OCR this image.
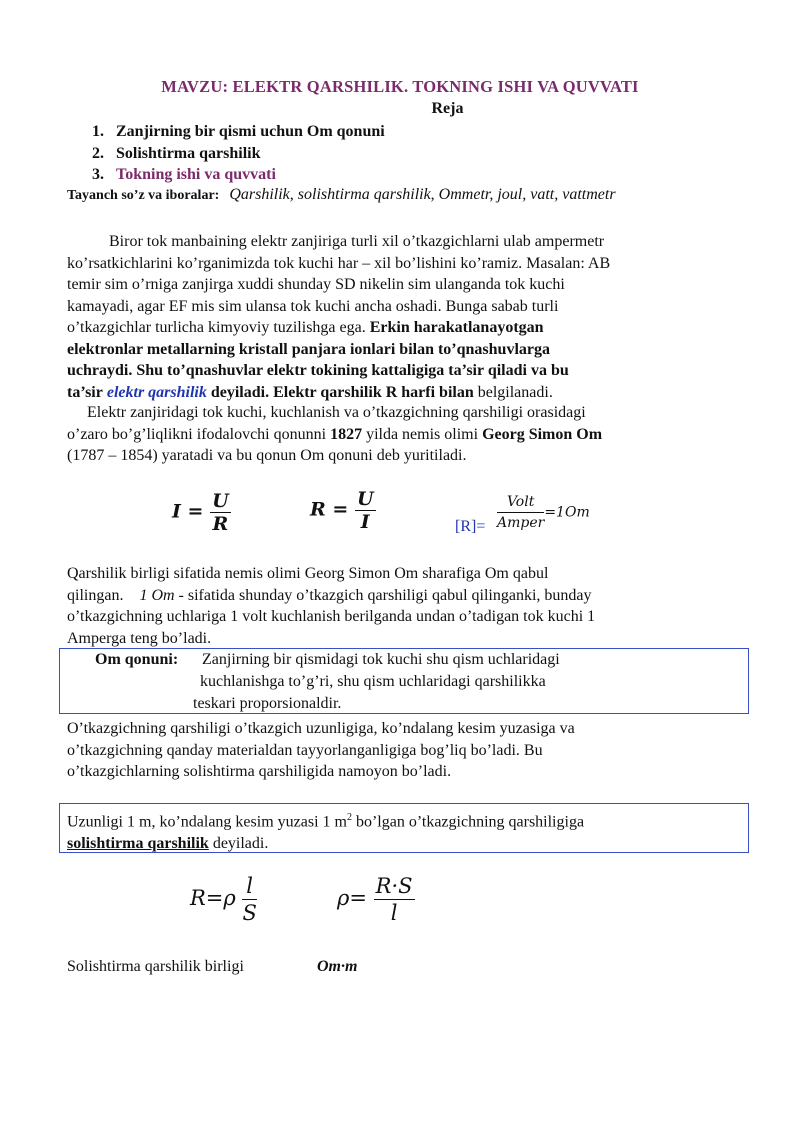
MAVZU: ELEKTR QARSHILIK. TOKNING ISHI VA QUVVATI
Reja
1. Zanjirning bir qismi uchun Om qonuni
2. Solishtirma qarshilik
3. Tokning ishi va quvvati
Tayanch so’z va iboralar: Qarshilik, solishtirma qarshilik, Ommetr, joul, vatt, vattmetr

Biror tok manbaining elektr zanjiriga turli xil o’tkazgichlarni ulab ampermetr

ko’rsatkichlarini ko’rganimizda tok kuchi har – xil bo’lishini ko’ramiz. Masalan: AB

temir sim o’rniga zanjirga xuddi shunday SD nikelin sim ulanganda tok kuchi

kamayadi, agar EF mis sim ulansa tok kuchi ancha oshadi. Bunga sabab turli

o’tkazgichlar turlicha kimyoviy tuzilishga ega. Erkin harakatlanayotgan

elektronlar metallarning kristall panjara ionlari bilan to’qnashuvlarga

uchraydi. Shu to’qnashuvlar elektr tokining kattaligiga ta’sir qiladi va bu

ta’sir elektr qarshilik deyiladi. Elektr qarshilik R harfi bilan belgilanadi.

Elektr zanjiridagi tok kuchi, kuchlanish va o’tkazgichning qarshiligi orasidagi

o’zaro bo’g’liqlikni ifodalovchi qonunni 1827 yilda nemis olimi Georg Simon Om

(1787 – 1854) yaratadi va bu qonun Om qonuni deb yuritiladi.

$I = \frac{U}{R}$	$R = \frac{U}{I}$	$[R]= \frac{\text{Volt}}{\text{Amper}} =1Om$

Qarshilik birligi sifatida nemis olimi Georg Simon Om sharafiga Om qabul

qilingan. 1 Om - sifatida shunday o’tkazgich qarshiligi qabul qilinganki, bunday

o’tkazgichning uchlariga 1 volt kuchlanish berilganda undan o’tadigan tok kuchi 1

Amperga teng bo’ladi.

Om qonuni: Zanjirning bir qismidagi tok kuchi shu qism uchlaridagi
kuchlanishga to’g’ri, shu qism uchlaridagi qarshilikka
teskari proporsionaldir.

O’tkazgichning qarshiligi o’tkazgich uzunligiga, ko’ndalang kesim yuzasiga va

o’tkazgichning qanday materialdan tayyorlanganligiga bog’liq bo’ladi. Bu

o’tkazgichlarning solishtirma qarshiligida namoyon bo’ladi.

Uzunligi 1 m, ko’ndalang kesim yuzasi 1 $m^2$ bo’lgan o’tkazgichning qarshiligiga
solishtirma qarshilik deyiladi.
$R=\rho \frac{l}{S}$	$\rho= \frac{R\cdot S}{l}$
Solishtirma qarshilik birligi	Om·m
